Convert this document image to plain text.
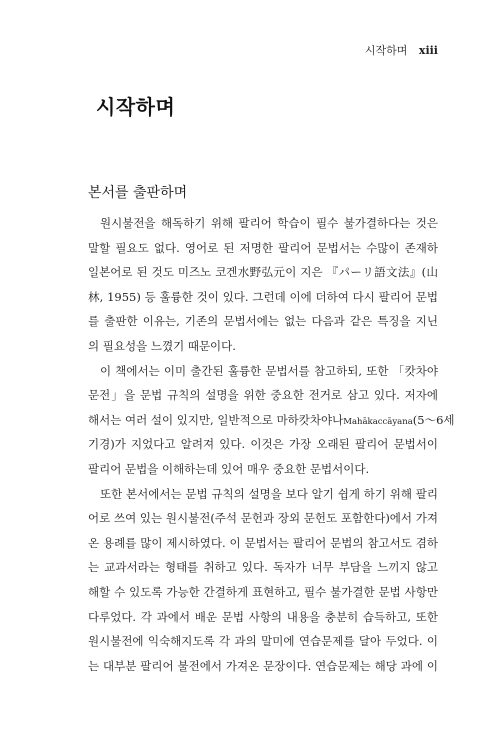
시작하며 xiii
시작하며
본서를 출판하며
원시불전을 해독하기 위해 팔리어 학습이 필수 불가결하다는 것은
말할 필요도 없다. 영어로 된 저명한 팔리어 문법서는 수많이 존재하
일본어로 된 것도 미즈노 코겐水野弘元이 지은 『パーリ語文法』(山
林, 1955) 등 훌륭한 것이 있다. 그런데 이에 더하여 다시 팔리어 문법
를 출판한 이유는, 기존의 문법서에는 없는 다음과 같은 특징을 지닌
의 필요성을 느꼈기 때문이다.
이 책에서는 이미 출간된 훌륭한 문법서를 참고하되, 또한 「캇차야
문전」을 문법 규칙의 설명을 위한 중요한 전거로 삼고 있다. 저자에
해서는 여러 설이 있지만, 일반적으로 마하캇차야나Mahākaccāyana(5～6세
기경)가 지었다고 알려져 있다. 이것은 가장 오래된 팔리어 문법서이
팔리어 문법을 이해하는데 있어 매우 중요한 문법서이다.
또한 본서에서는 문법 규칙의 설명을 보다 알기 쉽게 하기 위해 팔리
어로 쓰여 있는 원시불전(주석 문헌과 장외 문헌도 포함한다)에서 가져
온 용례를 많이 제시하였다. 이 문법서는 팔리어 문법의 참고서도 겸하
는 교과서라는 형태를 취하고 있다. 독자가 너무 부담을 느끼지 않고
해할 수 있도록 가능한 간결하게 표현하고, 필수 불가결한 문법 사항만
다루었다. 각 과에서 배운 문법 사항의 내용을 충분히 습득하고, 또한
원시불전에 익숙해지도록 각 과의 말미에 연습문제를 달아 두었다. 이
는 대부분 팔리어 불전에서 가져온 문장이다. 연습문제는 해당 과에 이
